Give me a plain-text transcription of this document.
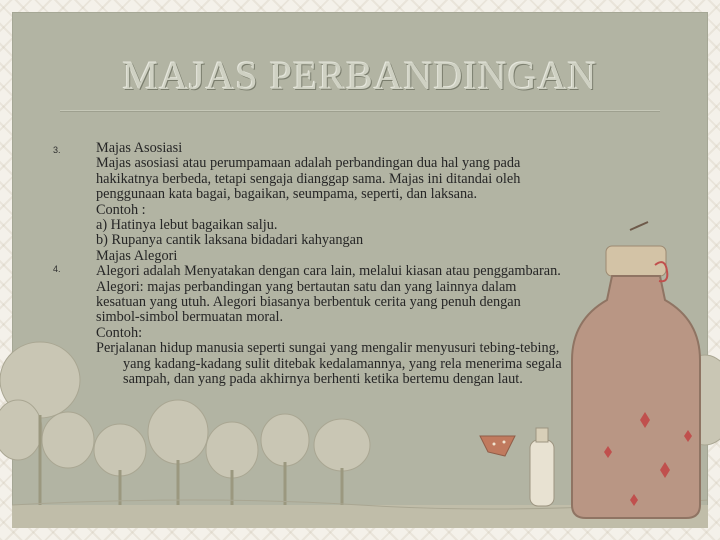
MAJAS PERBANDINGAN
3.
4.
Majas Asosiasi
Majas asosiasi atau perumpamaan adalah perbandingan dua hal yang pada
hakikatnya berbeda, tetapi sengaja dianggap sama. Majas ini ditandai oleh
penggunaan kata bagai, bagaikan, seumpama, seperti, dan laksana.
Contoh :
a) Hatinya lebut bagaikan salju.
b) Rupanya cantik laksana bidadari kahyangan
Majas Alegori
Alegori adalah Menyatakan dengan cara lain, melalui kiasan atau penggambaran.
Alegori: majas perbandingan yang bertautan satu dan yang lainnya dalam
kesatuan yang utuh. Alegori biasanya berbentuk cerita yang penuh dengan
simbol-simbol bermuatan moral.
Contoh:
Perjalanan hidup manusia seperti sungai yang mengalir menyusuri tebing-tebing,
yang kadang-kadang sulit ditebak kedalamannya, yang rela menerima segala
sampah, dan yang pada akhirnya berhenti ketika bertemu dengan laut.
